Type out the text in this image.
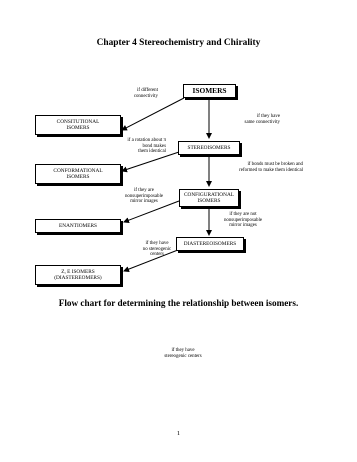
Chapter 4 Stereochemistry and Chirality
ISOMERS
CONSITUTIONAL
ISOMERS
STEREOISOMERS
CONFORMATIONAL
ISOMERS
CONFIGURATIONAL
ISOMERS
ENANTIOMERS
DIASTEREOISOMERS
Z, E ISOMERS
(DIASTEREOMERS)
if different
connectivity
if they have
same connectivity
if a rotation about π
bond makes
them identical
if bonds must be broken and
reformed to make them identical
if they are
nonsuperimposable
mirror images
if they are not
nonsuperimposable
mirror images
if they have
no stereogenic
centers
Flow chart for determining the relationship between isomers.
if they have
stereogenic centers
1
